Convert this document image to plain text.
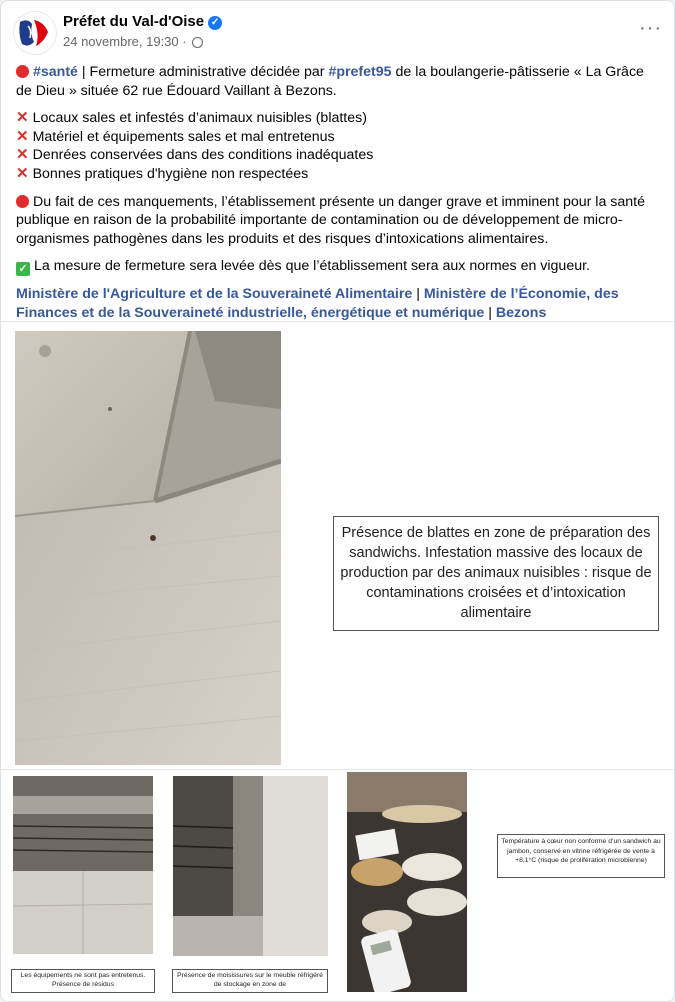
Préfet du Val-d'Oise ✓
24 novembre, 19:30 ·
···

#santé | Fermeture administrative décidée par #prefet95 de la boulangerie-pâtisserie « La Grâce de Dieu » située 62 rue Édouard Vaillant à Bezons.

✕ Locaux sales et infestés d’animaux nuisibles (blattes)
✕ Matériel et équipements sales et mal entretenus
✕ Denrées conservées dans des conditions inadéquates
✕ Bonnes pratiques d'hygiène non respectées

Du fait de ces manquements, l’établissement présente un danger grave et imminent pour la santé publique en raison de la probabilité importante de contamination ou de développement de micro-organismes pathogènes dans les produits et des risques d’intoxications alimentaires.

✓ La mesure de fermeture sera levée dès que l’établissement sera aux normes en vigueur.

Ministère de l'Agriculture et de la Souveraineté Alimentaire | Ministère de l’Économie, des Finances et de la Souveraineté industrielle, énergétique et numérique | Bezons

Présence de blattes en zone de préparation des sandwichs. Infestation massive des locaux de production par des animaux nuisibles : risque de contaminations croisées et d’intoxication alimentaire
Les équipements ne sont pas entretenus. Présence de résidus
Présence de moisissures sur le meuble réfrigéré de stockage en zone de
Température à cœur non conforme d’un sandwich au jambon, conservé en vitrine réfrigérée de vente à +8,1°C (risque de prolifération microbienne)
